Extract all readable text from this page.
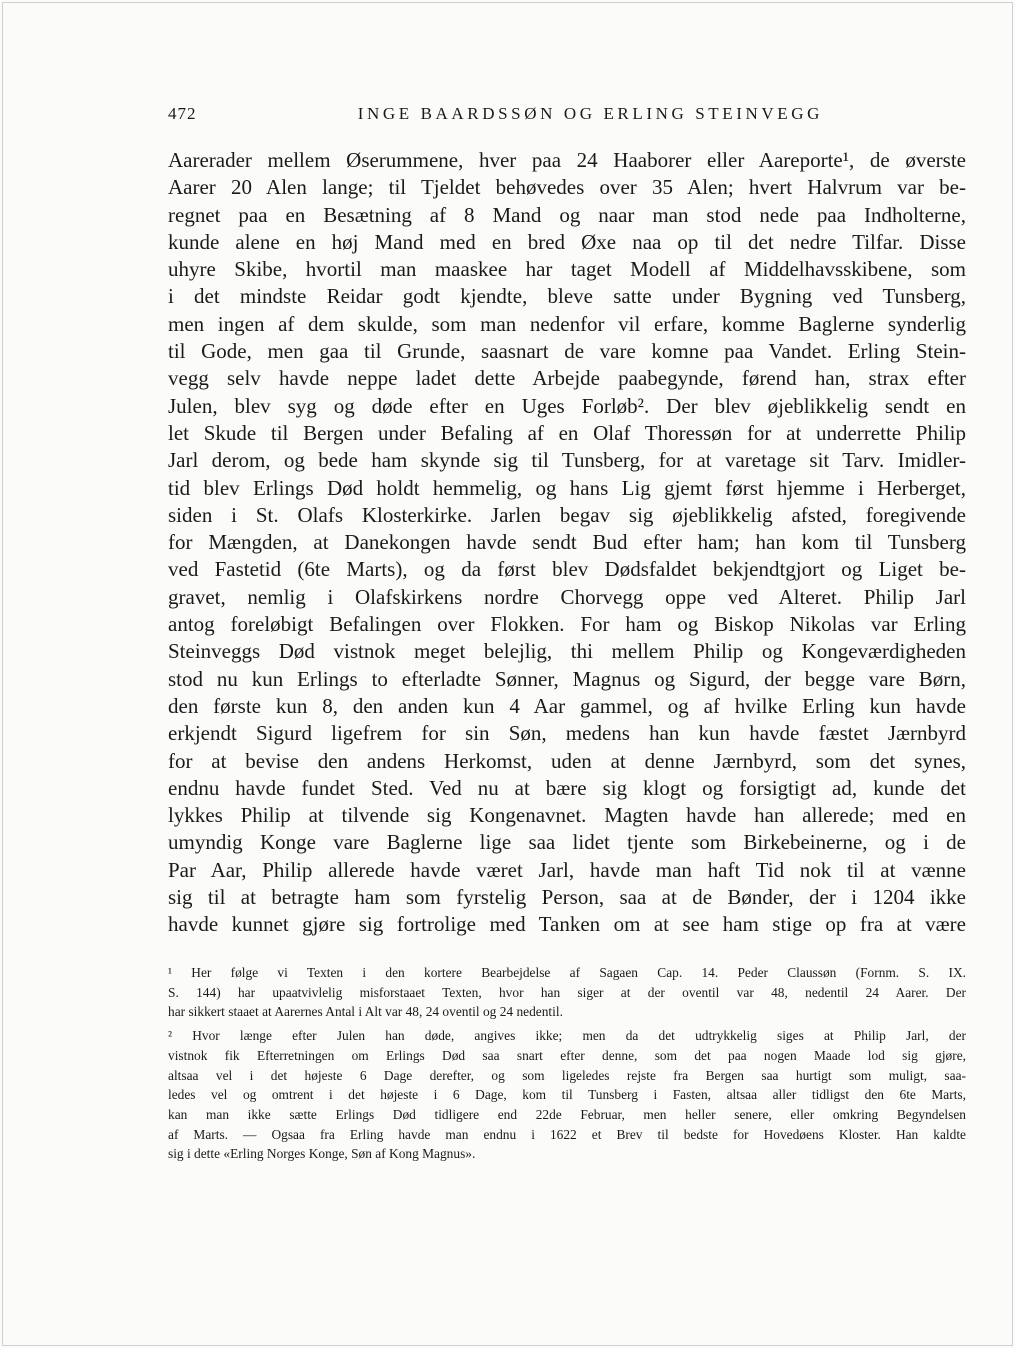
472	INGE BAARDSSØN OG ERLING STEINVEGG
Aarerader mellem Øserummene, hver paa 24 Haaborer eller Aareporte¹, de øverste
Aarer 20 Alen lange; til Tjeldet behøvedes over 35 Alen; hvert Halvrum var be-
regnet paa en Besætning af 8 Mand og naar man stod nede paa Indholterne,
kunde alene en høj Mand med en bred Øxe naa op til det nedre Tilfar. Disse
uhyre Skibe, hvortil man maaskee har taget Modell af Middelhavsskibene, som
i det mindste Reidar godt kjendte, bleve satte under Bygning ved Tunsberg,
men ingen af dem skulde, som man nedenfor vil erfare, komme Baglerne synderlig
til Gode, men gaa til Grunde, saasnart de vare komne paa Vandet. Erling Stein-
vegg selv havde neppe ladet dette Arbejde paabegynde, førend han, strax efter
Julen, blev syg og døde efter en Uges Forløb². Der blev øjeblikkelig sendt en
let Skude til Bergen under Befaling af en Olaf Thoressøn for at underrette Philip
Jarl derom, og bede ham skynde sig til Tunsberg, for at varetage sit Tarv. Imidler-
tid blev Erlings Død holdt hemmelig, og hans Lig gjemt først hjemme i Herberget,
siden i St. Olafs Klosterkirke. Jarlen begav sig øjeblikkelig afsted, foregivende
for Mængden, at Danekongen havde sendt Bud efter ham; han kom til Tunsberg
ved Fastetid (6te Marts), og da først blev Dødsfaldet bekjendtgjort og Liget be-
gravet, nemlig i Olafskirkens nordre Chorvegg oppe ved Alteret. Philip Jarl
antog foreløbigt Befalingen over Flokken. For ham og Biskop Nikolas var Erling
Steinveggs Død vistnok meget belejlig, thi mellem Philip og Kongeværdigheden
stod nu kun Erlings to efterladte Sønner, Magnus og Sigurd, der begge vare Børn,
den første kun 8, den anden kun 4 Aar gammel, og af hvilke Erling kun havde
erkjendt Sigurd ligefrem for sin Søn, medens han kun havde fæstet Jærnbyrd
for at bevise den andens Herkomst, uden at denne Jærnbyrd, som det synes,
endnu havde fundet Sted. Ved nu at bære sig klogt og forsigtigt ad, kunde det
lykkes Philip at tilvende sig Kongenavnet. Magten havde han allerede; med en
umyndig Konge vare Baglerne lige saa lidet tjente som Birkebeinerne, og i de
Par Aar, Philip allerede havde været Jarl, havde man haft Tid nok til at vænne
sig til at betragte ham som fyrstelig Person, saa at de Bønder, der i 1204 ikke
havde kunnet gjøre sig fortrolige med Tanken om at see ham stige op fra at være
¹ Her følge vi Texten i den kortere Bearbejdelse af Sagaen Cap. 14. Peder Claussøn (Fornm. S. IX.
S. 144) har upaatvivlelig misforstaaet Texten, hvor han siger at der oventil var 48, nedentil 24 Aarer. Der
har sikkert staaet at Aarernes Antal i Alt var 48, 24 oventil og 24 nedentil.
² Hvor længe efter Julen han døde, angives ikke; men da det udtrykkelig siges at Philip Jarl, der
vistnok fik Efterretningen om Erlings Død saa snart efter denne, som det paa nogen Maade lod sig gjøre,
altsaa vel i det højeste 6 Dage derefter, og som ligeledes rejste fra Bergen saa hurtigt som muligt, saa-
ledes vel og omtrent i det højeste i 6 Dage, kom til Tunsberg i Fasten, altsaa aller tidligst den 6te Marts,
kan man ikke sætte Erlings Død tidligere end 22de Februar, men heller senere, eller omkring Begyndelsen
af Marts. — Ogsaa fra Erling havde man endnu i 1622 et Brev til bedste for Hovedøens Kloster. Han kaldte
sig i dette «Erling Norges Konge, Søn af Kong Magnus».
